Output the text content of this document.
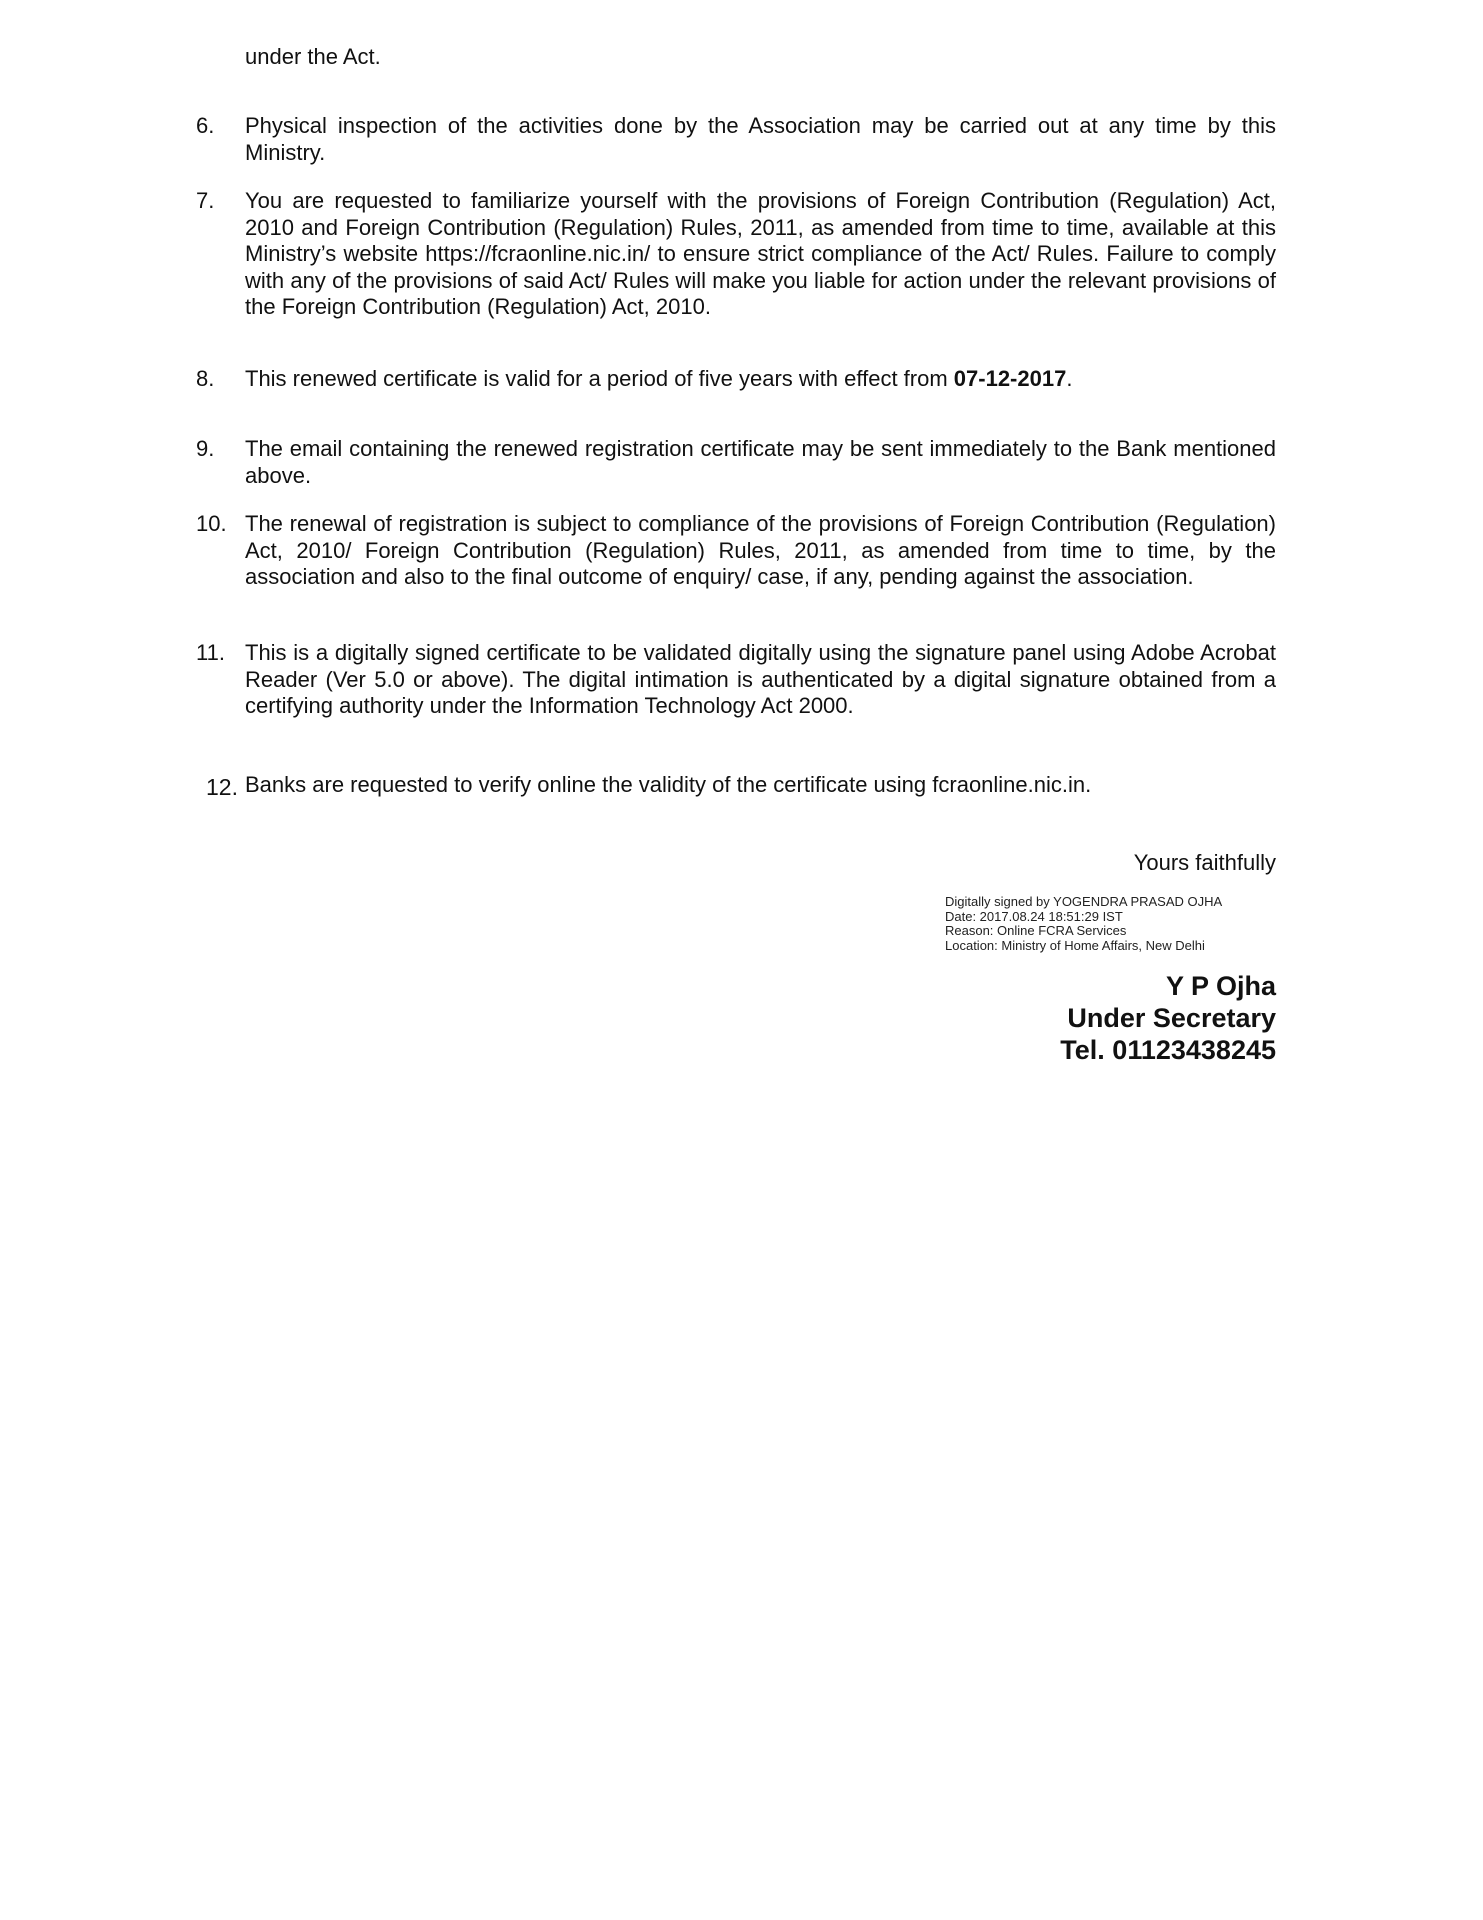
under the Act.
6.	Physical inspection of the activities done by the Association may be carried out at any time by this Ministry.
7.	You are requested to familiarize yourself with the provisions of Foreign Contribution (Regulation) Act, 2010 and Foreign Contribution (Regulation) Rules, 2011, as amended from time to time, available at this Ministry’s website https://fcraonline.nic.in/ to ensure strict compliance of the Act/ Rules. Failure to comply with any of the provisions of said Act/ Rules will make you liable for action under the relevant provisions of the Foreign Contribution (Regulation) Act, 2010.
8.	This renewed certificate is valid for a period of five years with effect from 07-12-2017.
9.	The email containing the renewed registration certificate may be sent immediately to the Bank mentioned above.
10. The renewal of registration is subject to compliance of the provisions of Foreign Contribution (Regulation) Act, 2010/ Foreign Contribution (Regulation) Rules, 2011, as amended from time to time, by the association and also to the final outcome of enquiry/ case, if any, pending against the association.
11. This is a digitally signed certificate to be validated digitally using the signature panel using Adobe Acrobat Reader (Ver 5.0 or above). The digital intimation is authenticated by a digital signature obtained from a certifying authority under the Information Technology Act 2000.
12. Banks are requested to verify online the validity of the certificate using fcraonline.nic.in.
Yours faithfully
Digitally signed by YOGENDRA PRASAD OJHA
Date: 2017.08.24 18:51:29 IST
Reason: Online FCRA Services
Location: Ministry of Home Affairs, New Delhi
Y P Ojha
Under Secretary
Tel. 01123438245
